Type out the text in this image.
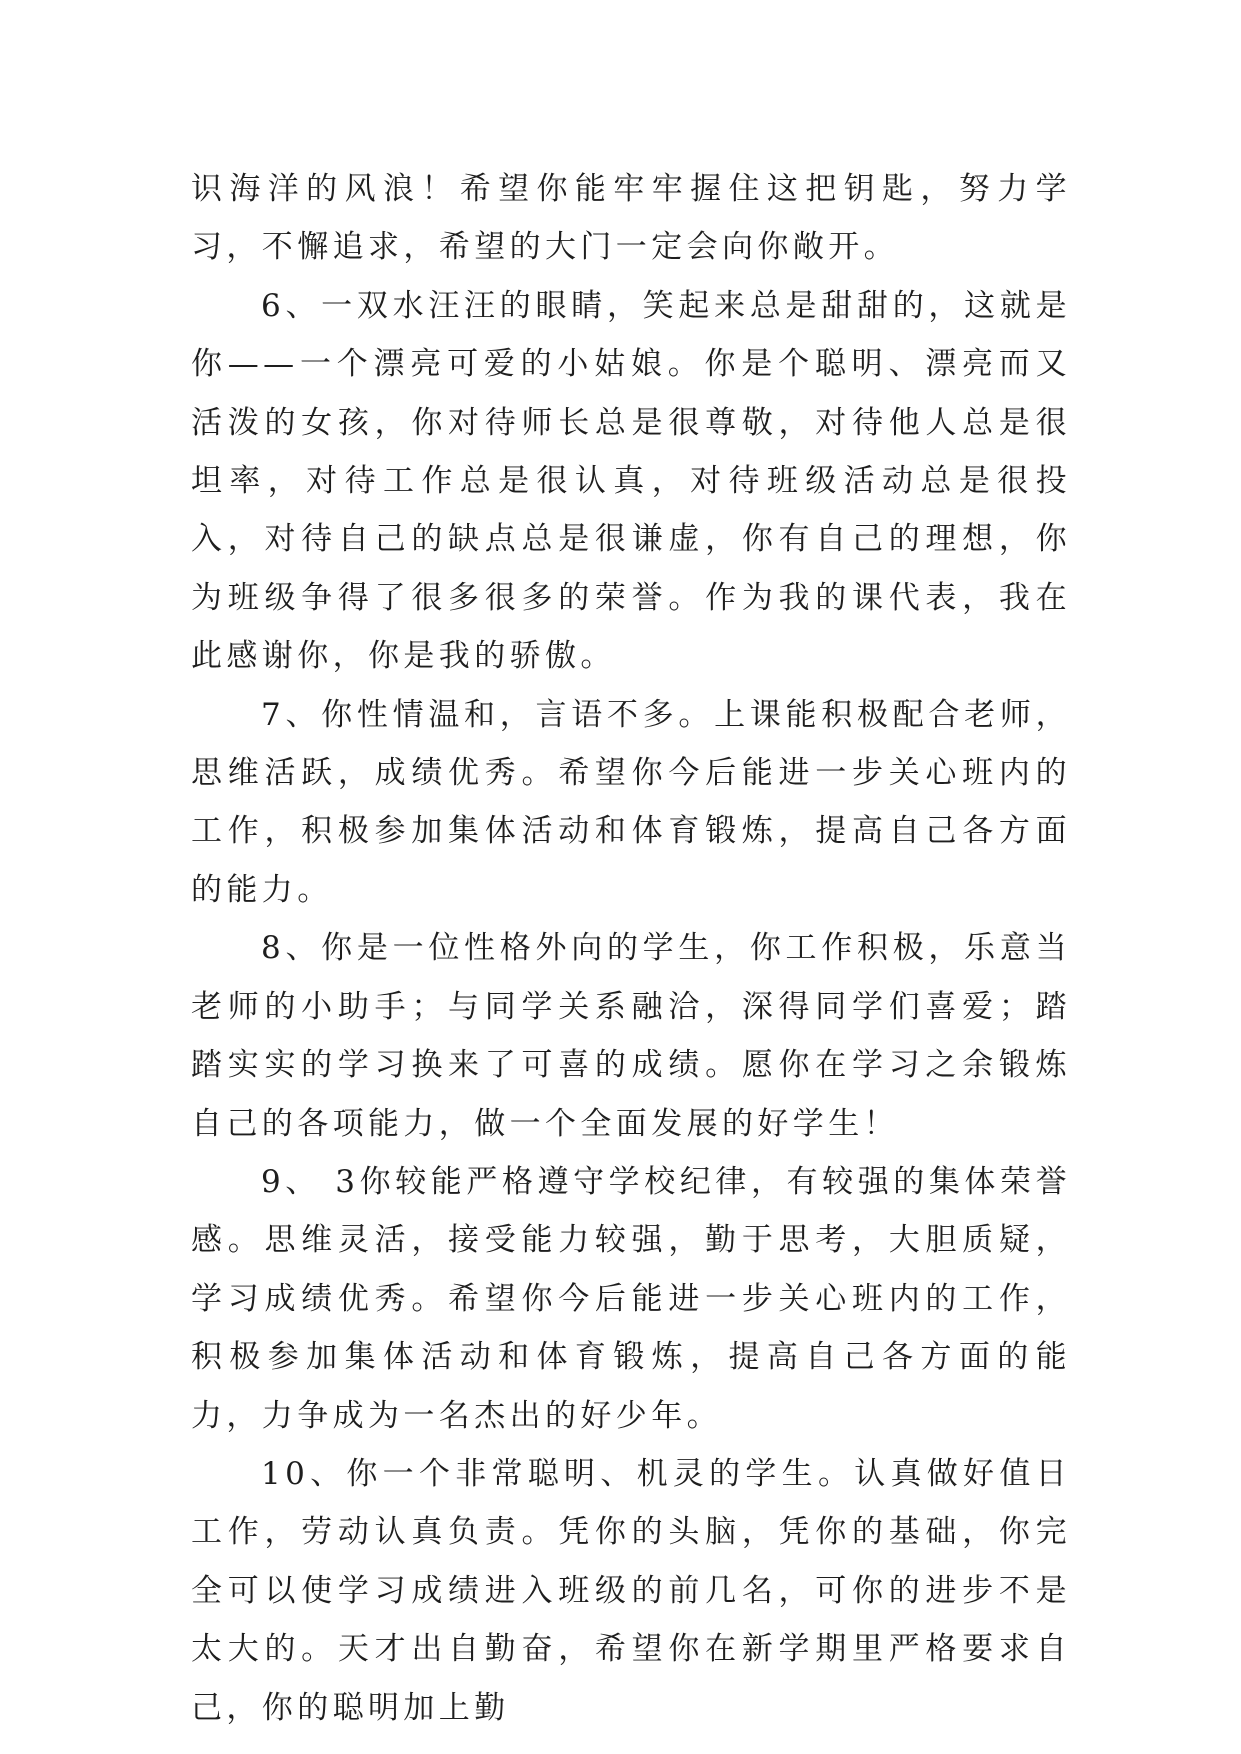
识海洋的风浪！希望你能牢牢握住这把钥匙，努力学习，不懈追求，希望的大门一定会向你敞开。

6、一双水汪汪的眼睛，笑起来总是甜甜的，这就是你——一个漂亮可爱的小姑娘。你是个聪明、漂亮而又活泼的女孩，你对待师长总是很尊敬，对待他人总是很坦率，对待工作总是很认真，对待班级活动总是很投入，对待自己的缺点总是很谦虚，你有自己的理想，你为班级争得了很多很多的荣誉。作为我的课代表，我在此感谢你，你是我的骄傲。

7、你性情温和，言语不多。上课能积极配合老师，思维活跃，成绩优秀。希望你今后能进一步关心班内的工作，积极参加集体活动和体育锻炼，提高自己各方面的能力。

8、你是一位性格外向的学生，你工作积极，乐意当老师的小助手；与同学关系融洽，深得同学们喜爱；踏踏实实的学习换来了可喜的成绩。愿你在学习之余锻炼自己的各项能力，做一个全面发展的好学生！

9、 3你较能严格遵守学校纪律，有较强的集体荣誉感。思维灵活，接受能力较强，勤于思考，大胆质疑，学习成绩优秀。希望你今后能进一步关心班内的工作，积极参加集体活动和体育锻炼，提高自己各方面的能力，力争成为一名杰出的好少年。

10、你一个非常聪明、机灵的学生。认真做好值日工作，劳动认真负责。凭你的头脑，凭你的基础，你完全可以使学习成绩进入班级的前几名，可你的进步不是太大的。天才出自勤奋，希望你在新学期里严格要求自己，你的聪明加上勤
